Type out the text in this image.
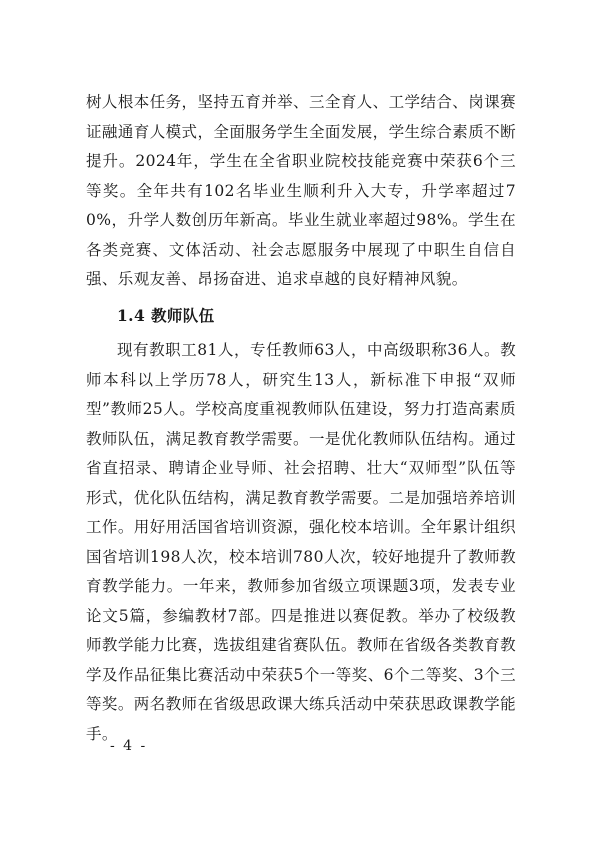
树人根本任务，坚持五育并举、三全育人、工学结合、岗课赛证融通育人模式，全面服务学生全面发展，学生综合素质不断提升。2024年，学生在全省职业院校技能竞赛中荣获6个三等奖。全年共有102名毕业生顺利升入大专，升学率超过70%，升学人数创历年新高。毕业生就业率超过98%。学生在各类竞赛、文体活动、社会志愿服务中展现了中职生自信自强、乐观友善、昂扬奋进、追求卓越的良好精神风貌。

1.4 教师队伍

现有教职工81人，专任教师63人，中高级职称36人。教师本科以上学历78人，研究生13人，新标准下申报“双师型”教师25人。学校高度重视教师队伍建设，努力打造高素质教师队伍，满足教育教学需要。一是优化教师队伍结构。通过省直招录、聘请企业导师、社会招聘、壮大“双师型”队伍等形式，优化队伍结构，满足教育教学需要。二是加强培养培训工作。用好用活国省培训资源，强化校本培训。全年累计组织国省培训198人次，校本培训780人次，较好地提升了教师教育教学能力。一年来，教师参加省级立项课题3项，发表专业论文5篇，参编教材7部。四是推进以赛促教。举办了校级教师教学能力比赛，选拔组建省赛队伍。教师在省级各类教育教学及作品征集比赛活动中荣获5个一等奖、6个二等奖、3个三等奖。两名教师在省级思政课大练兵活动中荣获思政课教学能手。

- 4 -
